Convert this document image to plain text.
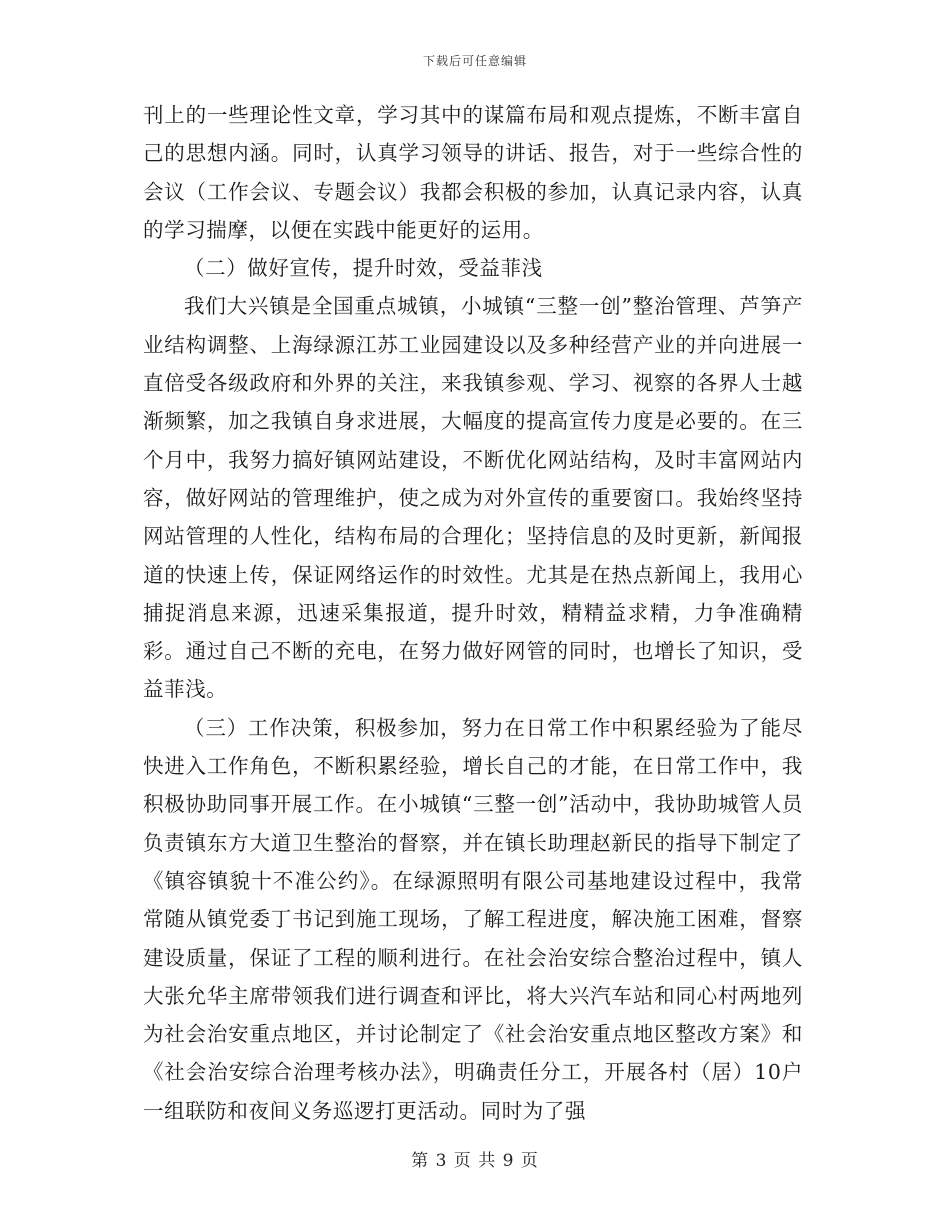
下载后可任意编辑

刊上的一些理论性文章，学习其中的谋篇布局和观点提炼，不断丰富自己的思想内涵。同时，认真学习领导的讲话、报告，对于一些综合性的会议（工作会议、专题会议）我都会积极的参加，认真记录内容，认真的学习揣摩，以便在实践中能更好的运用。

（二）做好宣传，提升时效，受益菲浅

我们大兴镇是全国重点城镇，小城镇“三整一创”整治管理、芦笋产业结构调整、上海绿源江苏工业园建设以及多种经营产业的并向进展一直倍受各级政府和外界的关注，来我镇参观、学习、视察的各界人士越渐频繁，加之我镇自身求进展，大幅度的提高宣传力度是必要的。在三个月中，我努力搞好镇网站建设，不断优化网站结构，及时丰富网站内容，做好网站的管理维护，使之成为对外宣传的重要窗口。我始终坚持网站管理的人性化，结构布局的合理化；坚持信息的及时更新，新闻报道的快速上传，保证网络运作的时效性。尤其是在热点新闻上，我用心捕捉消息来源，迅速采集报道，提升时效，精精益求精，力争准确精彩。通过自己不断的充电，在努力做好网管的同时，也增长了知识，受益菲浅。

（三）工作决策，积极参加，努力在日常工作中积累经验为了能尽快进入工作角色，不断积累经验，增长自己的才能，在日常工作中，我积极协助同事开展工作。在小城镇“三整一创”活动中，我协助城管人员负责镇东方大道卫生整治的督察，并在镇长助理赵新民的指导下制定了《镇容镇貌十不准公约》。在绿源照明有限公司基地建设过程中，我常常随从镇党委丁书记到施工现场，了解工程进度，解决施工困难，督察建设质量，保证了工程的顺利进行。在社会治安综合整治过程中，镇人大张允华主席带领我们进行调查和评比，将大兴汽车站和同心村两地列为社会治安重点地区，并讨论制定了《社会治安重点地区整改方案》和《社会治安综合治理考核办法》，明确责任分工，开展各村（居）10户一组联防和夜间义务巡逻打更活动。同时为了强

第 3 页 共 9 页
